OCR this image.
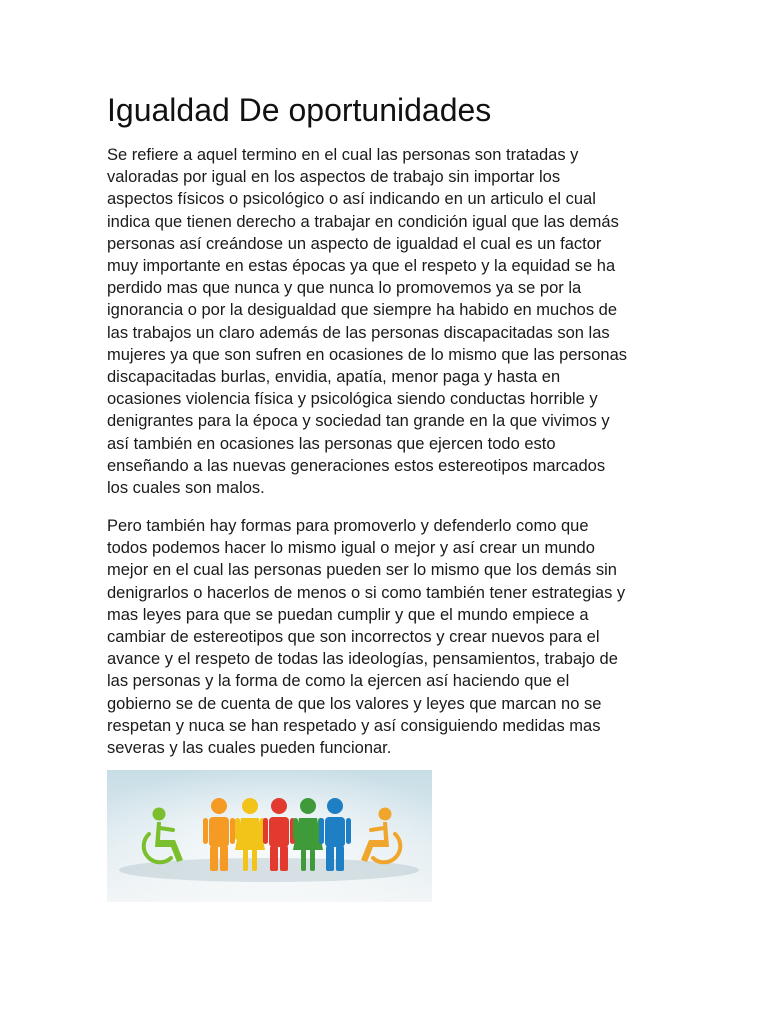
Igualdad De oportunidades
Se refiere a aquel termino en el cual las personas son tratadas y
valoradas por igual en los aspectos de trabajo sin importar los
aspectos físicos o psicológico o así indicando en un articulo el cual
indica que tienen derecho a trabajar en condición igual que las demás
personas así creándose un aspecto de igualdad el cual es un factor
muy importante en estas épocas ya que el respeto y la equidad se ha
perdido mas que nunca y que nunca lo promovemos ya se por la
ignorancia o por la desigualdad que siempre ha habido en muchos de
las trabajos un claro además de las personas discapacitadas son las
mujeres ya que son sufren en ocasiones de lo mismo que las personas
discapacitadas burlas, envidia, apatía, menor paga y hasta en
ocasiones violencia física y psicológica siendo conductas horrible y
denigrantes para la época y sociedad tan grande en la que vivimos y
así también en ocasiones las personas que ejercen todo esto
enseñando a las nuevas generaciones estos estereotipos marcados
los cuales son malos.
Pero también hay formas para promoverlo y defenderlo como que
todos podemos hacer lo mismo igual o mejor y así crear un mundo
mejor en el cual las personas pueden ser lo mismo que los demás sin
denigrarlos o hacerlos de menos o si como también tener estrategias y
mas leyes para que se puedan cumplir y que el mundo empiece a
cambiar de estereotipos que son incorrectos y crear nuevos para el
avance y el respeto de todas las ideologías, pensamientos, trabajo de
las personas y la forma de como la ejercen así haciendo que el
gobierno se de cuenta de que los valores y leyes que marcan no se
respetan y nuca se han respetado y así consiguiendo medidas mas
severas y las cuales pueden funcionar.
